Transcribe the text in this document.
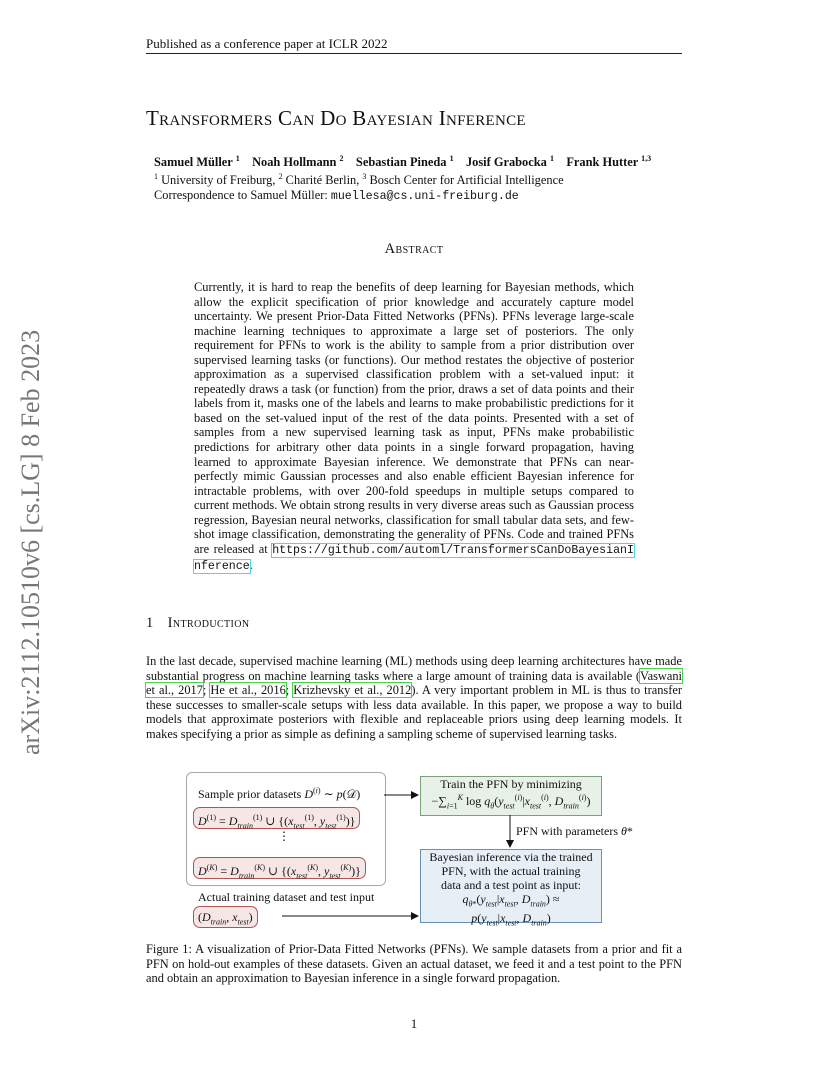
Published as a conference paper at ICLR 2022
arXiv:2112.10510v6 [cs.LG] 8 Feb 2023
Transformers Can Do Bayesian Inference
Samuel Müller $^1$ Noah Hollmann $^2$ Sebastian Pineda $^1$ Josif Grabocka $^1$ Frank Hutter $^{1,3}$
$^1$ University of Freiburg, $^2$ Charité Berlin, $^3$ Bosch Center for Artificial Intelligence
Correspondence to Samuel Müller: muellesa@cs.uni-freiburg.de
Abstract
Currently, it is hard to reap the benefits of deep learning for Bayesian methods, which allow the explicit specification of prior knowledge and accurately capture model uncertainty. We present Prior-Data Fitted Networks (PFNs). PFNs leverage large-scale machine learning techniques to approximate a large set of posteriors. The only requirement for PFNs to work is the ability to sample from a prior distribution over supervised learning tasks (or functions). Our method restates the objective of posterior approximation as a supervised classification problem with a set-valued input: it repeatedly draws a task (or function) from the prior, draws a set of data points and their labels from it, masks one of the labels and learns to make probabilistic predictions for it based on the set-valued input of the rest of the data points. Presented with a set of samples from a new supervised learning task as input, PFNs make probabilistic predictions for arbitrary other data points in a single forward propagation, having learned to approximate Bayesian inference. We demonstrate that PFNs can near-perfectly mimic Gaussian processes and also enable efficient Bayesian inference for intractable problems, with over 200-fold speedups in multiple setups compared to current methods. We obtain strong results in very diverse areas such as Gaussian process regression, Bayesian neural networks, classification for small tabular data sets, and few-shot image classification, demonstrating the generality of PFNs. Code and trained PFNs are released at https://github.com/automl/TransformersCanDoBayesianInference.
1 Introduction
In the last decade, supervised machine learning (ML) methods using deep learning architectures have made substantial progress on machine learning tasks where a large amount of training data is available (Vaswani et al., 2017; He et al., 2016; Krizhevsky et al., 2012). A very important problem in ML is thus to transfer these successes to smaller-scale setups with less data available. In this paper, we propose a way to build models that approximate posteriors with flexible and replaceable priors using deep learning models. It makes specifying a prior as simple as defining a sampling scheme of supervised learning tasks.
Sample prior datasets $D^{(i)}$ ∼ p(𝒟)
$D^{(1)} = D_{train}^{(1)}$ ∪ {($x_{test}^{(1)}$, $y_{test}^{(1)}$)}
⋮
$D^{(K)} = D_{train}^{(K)}$ ∪ {($x_{test}^{(K)}$, $y_{test}^{(K)}$)}
Actual training dataset and test input
($D_{train}$, $x_{test}$)
Train the PFN by minimizing
$-\sum_{i=1}^K$ $\log q_\theta(y_{test}^{(i)}|x_{test}^{(i)}$, $D_{train}^{(i)}$)
PFN with parameters θ*
Bayesian inference via the trained
PFN, with the actual training
data and a test point as input:
$q_{\theta*}(y_{test}|x_{test}$, $D_{train}$) ≈
$p(y_{test}|x_{test}$, $D_{train}$)
Figure 1: A visualization of Prior-Data Fitted Networks (PFNs). We sample datasets from a prior and fit a PFN on hold-out examples of these datasets. Given an actual dataset, we feed it and a test point to the PFN and obtain an approximation to Bayesian inference in a single forward propagation.
1
